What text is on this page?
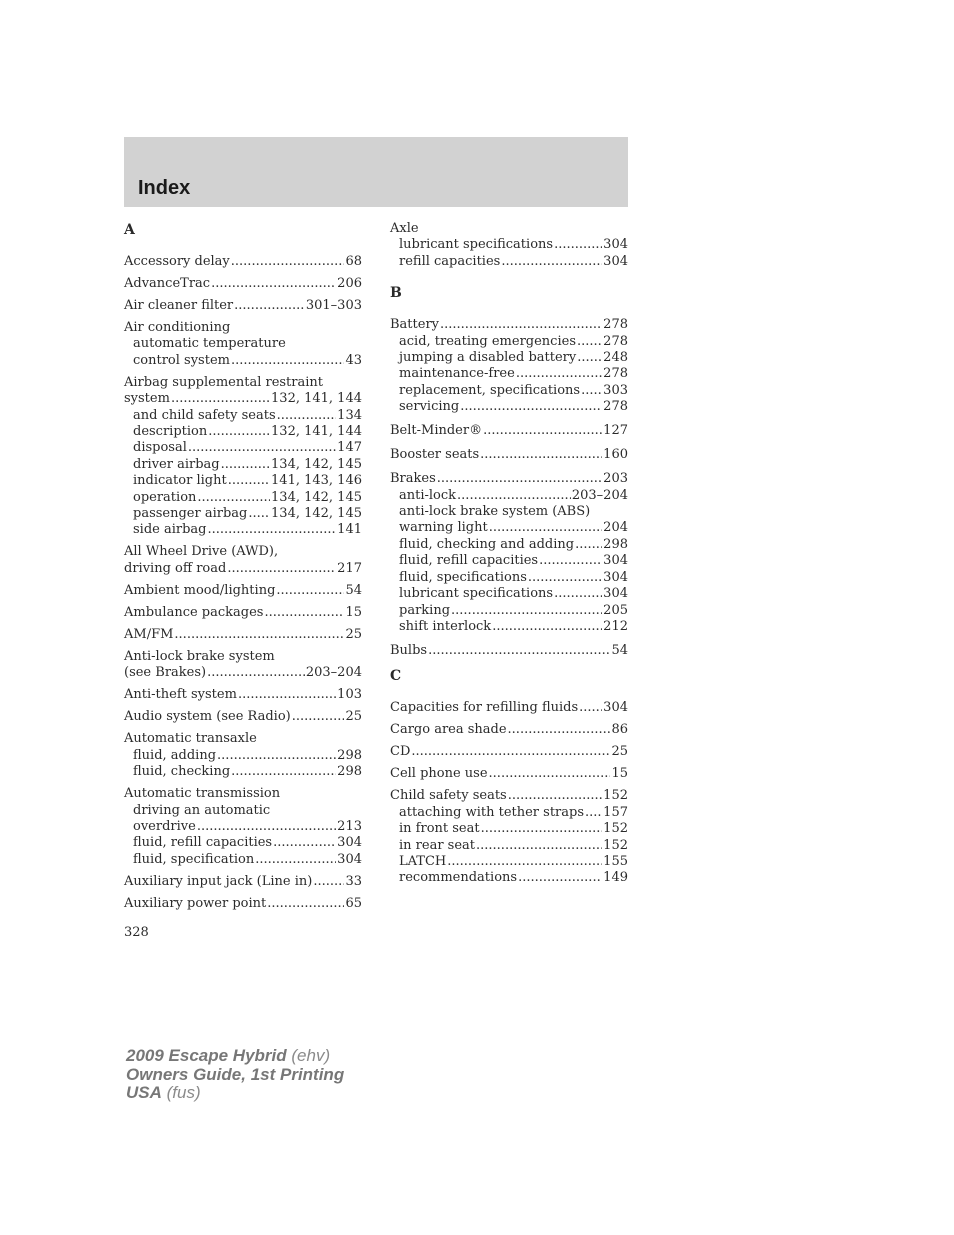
Index
A
Accessory delay .....	68
AdvanceTrac .....	206
Air cleaner filter .....	301–303
Air conditioning
automatic temperature
control system .....	43
Airbag supplemental restraint
system .....	132, 141, 144
and child safety seats .....	134
description .....	132, 141, 144
disposal .....	147
driver airbag .....	134, 142, 145
indicator light .....	141, 143, 146
operation .....	134, 142, 145
passenger airbag ..... 134, 142, 145
side airbag .....	141
All Wheel Drive (AWD),
driving off road .....	217
Ambient mood/lighting .....	54
Ambulance packages .....	15
AM/FM .....	25
Anti-lock brake system
(see Brakes) .....	203–204
Anti-theft system .....	103
Audio system (see Radio) .....	25
Automatic transaxle
fluid, adding .....	298
fluid, checking .....	298
Automatic transmission
driving an automatic
overdrive .....	213
fluid, refill capacities .....	304
fluid, specification .....	304
Auxiliary input jack (Line in) .....	33
Auxiliary power point .....	65
Axle
lubricant specifications .....	304
refill capacities .....	304
B
Battery .....	278
acid, treating emergencies ..... 278
jumping a disabled battery ..... 248
maintenance-free .....	278
replacement, specifications ..... 303
servicing .....	278
Belt-Minder® .....	127
Booster seats .....	160
Brakes .....	203
anti-lock .....	203–204
anti-lock brake system (ABS)
warning light .....	204
fluid, checking and adding ..... 298
fluid, refill capacities .....	304
fluid, specifications .....	304
lubricant specifications .....	304
parking .....	205
shift interlock .....	212
Bulbs .....	54
C
Capacities for refilling fluids ..... 304
Cargo area shade .....	86
CD .....	25
Cell phone use .....	15
Child safety seats .....	152
attaching with tether straps ..... 157
in front seat .....	152
in rear seat .....	152
LATCH .....	155
recommendations .....	149
328
2009 Escape Hybrid (ehv)
Owners Guide, 1st Printing
USA (fus)
